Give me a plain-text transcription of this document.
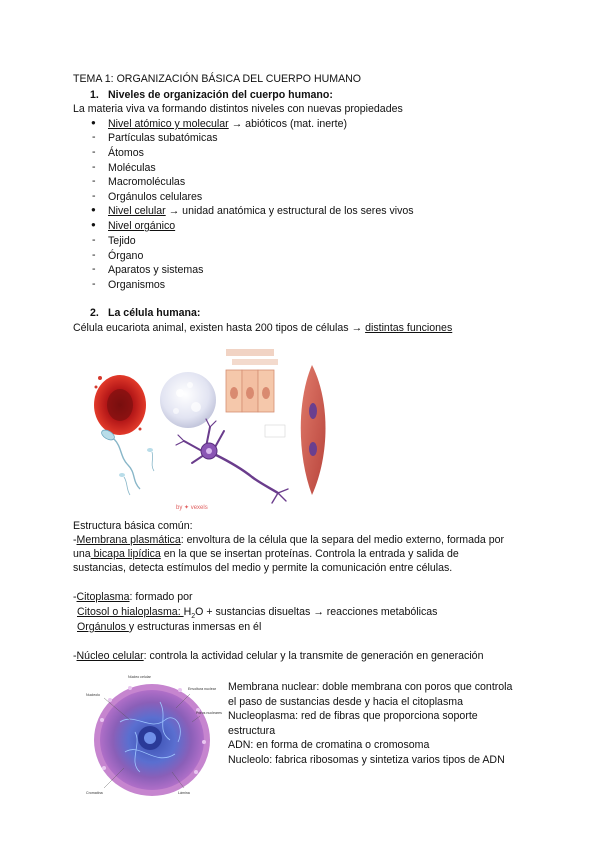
TEMA 1: ORGANIZACIÓN BÁSICA DEL CUERPO HUMANO
1. Niveles de organización del cuerpo humano:
La materia viva va formando distintos niveles con nuevas propiedades
● Nivel atómico y molecular → abióticos (mat. inerte)
- Partículas subatómicas
- Átomos
- Moléculas
- Macromoléculas
- Orgánulos celulares
● Nivel celular → unidad anatómica y estructural de los seres vivos
● Nivel orgánico
- Tejido
- Órgano
- Aparatos y sistemas
- Organismos
2. La célula humana:
Célula eucariota animal, existen hasta 200 tipos de células → distintas funciones
by ✦ vexels
Estructura básica común:
-Membrana plasmática: envoltura de la célula que la separa del medio externo, formada por
una bicapa lipídica en la que se insertan proteínas. Controla la entrada y salida de
sustancias, detecta estímulos del medio y permite la comunicación entre células.
-Citoplasma: formado por
Citosol o hialoplasma: $H_2O$ + sustancias disueltas → reacciones metabólicas
Orgánulos y estructuras inmersas en él
-Núcleo celular: controla la actividad celular y la transmite de generación en generación
Núcleo celular
Nucleolo
Envoltura nuclear
Poros nucleares
Cromatina	Lámina
Membrana nuclear: doble membrana con poros que controla
el paso de sustancias desde y hacia el citoplasma
Nucleoplasma: red de fibras que proporciona soporte
estructura
ADN: en forma de cromatina o cromosoma
Nucleolo: fabrica ribosomas y sintetiza varios tipos de ADN
